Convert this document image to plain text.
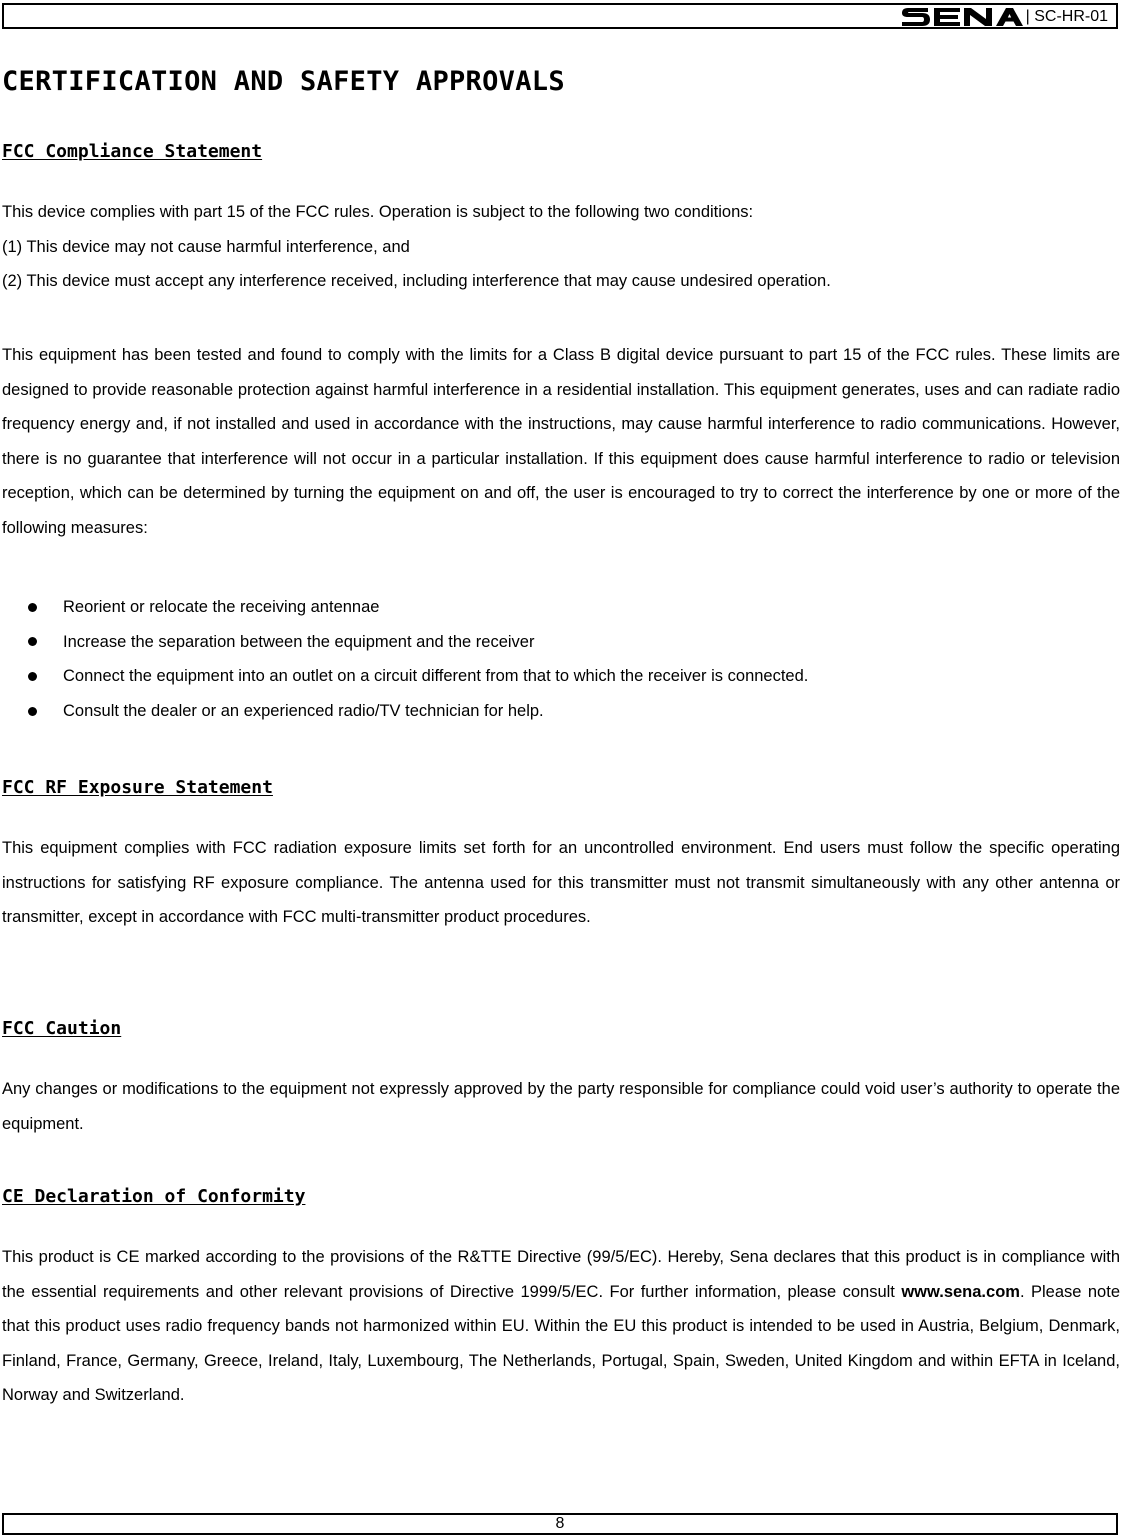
| SC-HR-01
CERTIFICATION AND SAFETY APPROVALS
FCC Compliance Statement

This device complies with part 15 of the FCC rules. Operation is subject to the following two conditions:

(1) This device may not cause harmful interference, and

(2) This device must accept any interference received, including interference that may cause undesired operation.

This equipment has been tested and found to comply with the limits for a Class B digital device pursuant to part 15 of the FCC rules. These limits are designed to provide reasonable protection against harmful interference in a residential installation. This equipment generates, uses and can radiate radio frequency energy and, if not installed and used in accordance with the instructions, may cause harmful interference to radio communications. However, there is no guarantee that interference will not occur in a particular installation. If this equipment does cause harmful interference to radio or television reception, which can be determined by turning the equipment on and off, the user is encouraged to try to correct the interference by one or more of the following measures:

Reorient or relocate the receiving antennae
Increase the separation between the equipment and the receiver
Connect the equipment into an outlet on a circuit different from that to which the receiver is connected.
Consult the dealer or an experienced radio/TV technician for help.
FCC RF Exposure Statement

This equipment complies with FCC radiation exposure limits set forth for an uncontrolled environment. End users must follow the specific operating instructions for satisfying RF exposure compliance. The antenna used for this transmitter must not transmit simultaneously with any other antenna or transmitter, except in accordance with FCC multi-transmitter product procedures.

FCC Caution

Any changes or modifications to the equipment not expressly approved by the party responsible for compliance could void user’s authority to operate the equipment.

CE Declaration of Conformity

This product is CE marked according to the provisions of the R&TTE Directive (99/5/EC). Hereby, Sena declares that this product is in compliance with the essential requirements and other relevant provisions of Directive 1999/5/EC. For further information, please consult www.sena.com. Please note that this product uses radio frequency bands not harmonized within EU. Within the EU this product is intended to be used in Austria, Belgium, Denmark, Finland, France, Germany, Greece, Ireland, Italy, Luxembourg, The Netherlands, Portugal, Spain, Sweden, United Kingdom and within EFTA in Iceland, Norway and Switzerland.

8
